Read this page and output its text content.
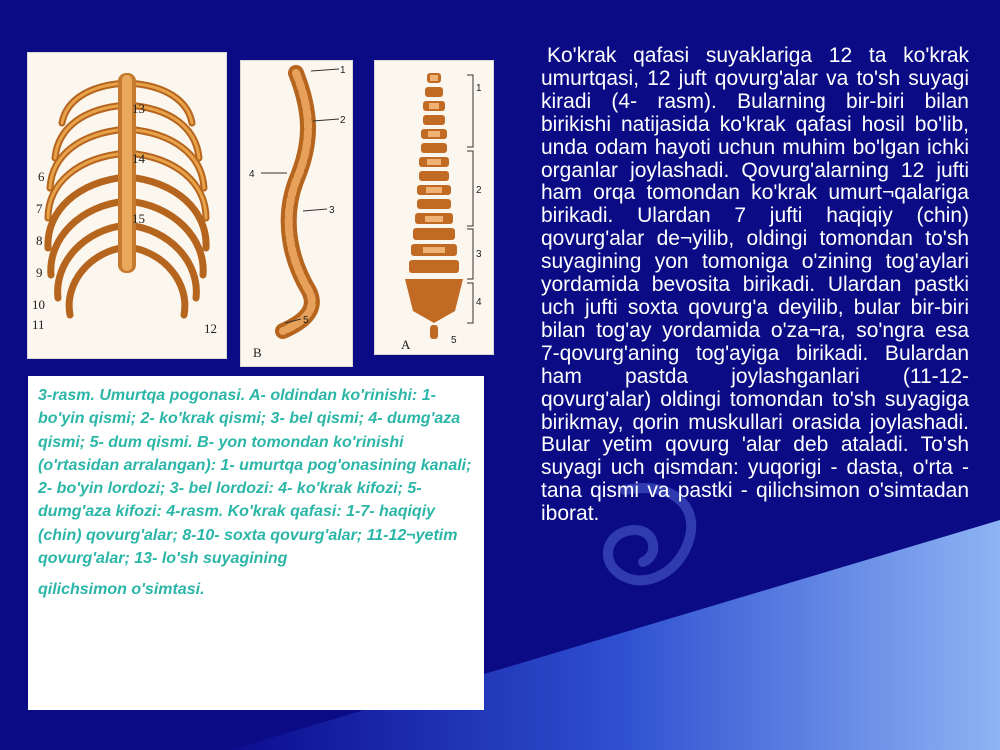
6
7
8
9
10
11	12
13
14
15
1
2
3
4
5
B
1
2
3
4
5
A

3-rasm. Umurtqa pogonasi. A- oldindan ko'rinishi: 1- bo'yin qismi; 2- ko'krak qismi; 3- bel qismi; 4- dumg'aza qismi; 5- dum qismi. B- yon tomondan ko'rinishi (o'rtasidan arralangan): 1- umurtqa pog'onasining kanali; 2- bo'yin lordozi; 3- bel lordozi: 4- ko'krak kifozi; 5- dumg'aza kifozi: 4-rasm. Ko'krak qafasi: 1-7- haqiqiy (chin) qovurg'alar; 8-10- soxta qovurg'alar; 11-12¬yetim qovurg'alar; 13- lo'sh suyagining

qilichsimon o'simtasi.

Ko'krak qafasi suyaklariga 12 ta ko'krak umurtqasi, 12 juft qovurg'alar va to'sh suyagi kiradi (4- rasm). Bularning bir-biri bilan birikishi natijasida ko'krak qafasi hosil bo'lib, unda odam hayoti uchun muhim bo'lgan ichki organlar joylashadi. Qovurg'alarning 12 jufti ham orqa tomondan ko'krak umurt¬qalariga birikadi. Ulardan 7 jufti haqiqiy (chin) qovurg'alar de¬yilib, oldingi tomondan to'sh suyagining yon tomoniga o'zining tog'aylari yordamida bevosita birikadi. Ulardan pastki uch jufti soxta qovurg'a deyilib, bular bir-biri bilan tog'ay yordamida o'za¬ra, so'ngra esa 7-qovurg'aning tog'ayiga birikadi. Bulardan ham pastda joylashganlari (11-12- qovurg'alar) oldingi tomondan to'sh suyagiga birikmay, qorin muskullari orasida joylashadi. Bular yetim qovurg 'alar deb ataladi. To'sh suyagi uch qismdan: yuqorigi - dasta, o'rta - tana qismi va pastki - qilichsimon o'simtadan iborat.
